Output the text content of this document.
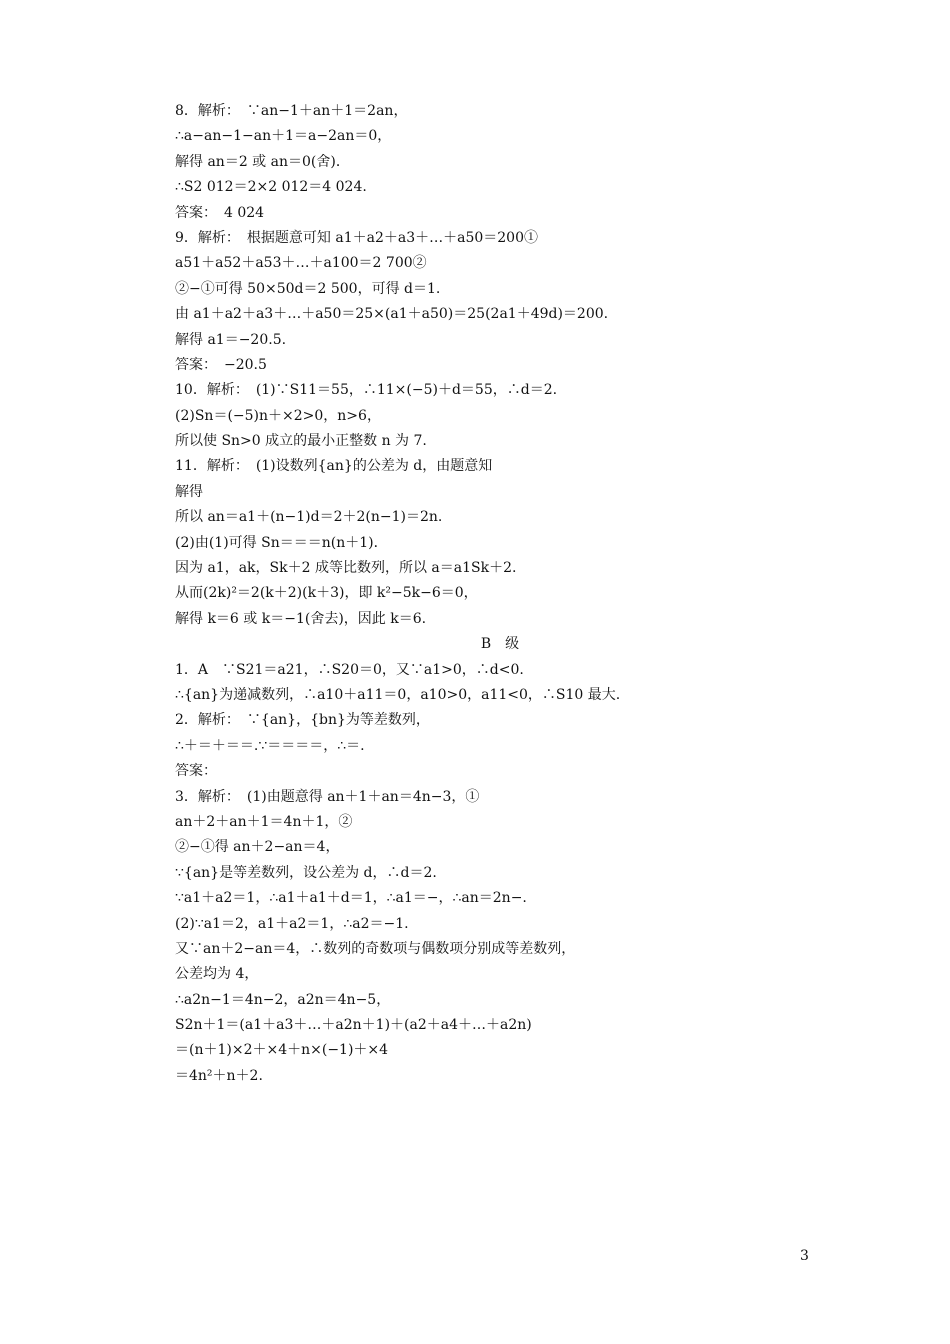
8．解析：　∵an−1＋an＋1＝2an，
∴a−an−1−an＋1＝a−2an＝0，
解得 an＝2 或 an＝0(舍)．
∴S2 012＝2×2 012＝4 024.
答案：　4 024
9．解析：　根据题意可知 a1＋a2＋a3＋…＋a50＝200①
a51＋a52＋a53＋…＋a100＝2 700②
②−①可得 50×50d＝2 500，可得 d＝1.
由 a1＋a2＋a3＋…＋a50＝25×(a1＋a50)＝25(2a1＋49d)＝200.
解得 a1＝−20.5.
答案：　−20.5
10．解析：　(1)∵S11＝55，∴11×(−5)＋d＝55，∴d＝2.
(2)Sn＝(−5)n＋×2>0，n>6，
所以使 Sn>0 成立的最小正整数 n 为 7.
11．解析：　(1)设数列{an}的公差为 d，由题意知
解得
所以 an＝a1＋(n−1)d＝2＋2(n−1)＝2n.
(2)由(1)可得 Sn＝＝＝n(n＋1)．
因为 a1，ak，Sk＋2 成等比数列，所以 a＝a1Sk＋2.
从而(2k)²＝2(k＋2)(k＋3)，即 k²−5k−6＝0，
解得 k＝6 或 k＝−1(舍去)，因此 k＝6.
B　级
1．A　∵S21＝a21，∴S20＝0，又∵a1>0，∴d<0.
∴{an}为递减数列，∴a10＋a11＝0，a10>0，a11<0，∴S10 最大.
2．解析：　∵{an}，{bn}为等差数列，
∴＋＝＋＝＝.∵＝＝＝＝，∴＝.
答案：
3．解析：　(1)由题意得 an＋1＋an＝4n−3，①
an＋2＋an＋1＝4n＋1，②
②−①得 an＋2−an＝4，
∵{an}是等差数列，设公差为 d，∴d＝2.
∵a1＋a2＝1，∴a1＋a1＋d＝1，∴a1＝−，∴an＝2n−.
(2)∵a1＝2，a1＋a2＝1，∴a2＝−1.
又∵an＋2−an＝4，∴数列的奇数项与偶数项分别成等差数列，
公差均为 4，
∴a2n−1＝4n−2，a2n＝4n−5，
S2n＋1＝(a1＋a3＋…＋a2n＋1)＋(a2＋a4＋…＋a2n)
＝(n＋1)×2＋×4＋n×(−1)＋×4
＝4n²＋n＋2.
3
